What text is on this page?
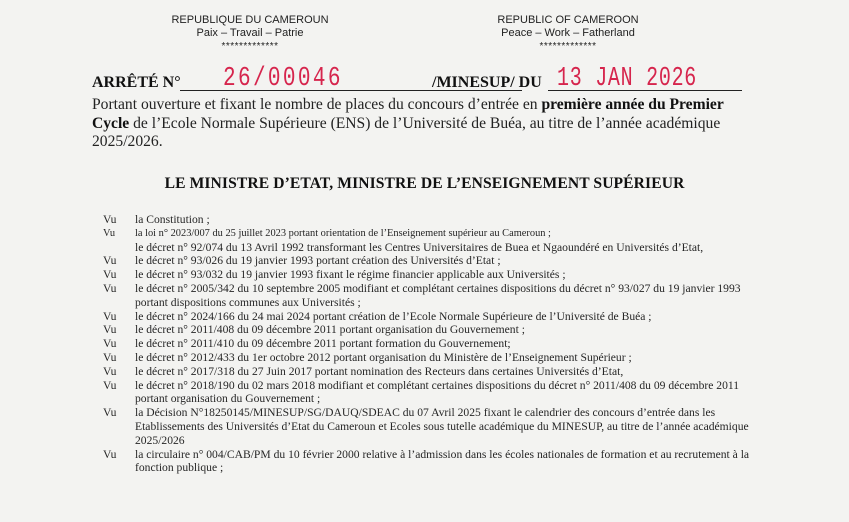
REPUBLIQUE DU CAMEROUN
Paix – Travail – Patrie
*************
REPUBLIC OF CAMEROON
Peace – Work – Fatherland
*************
ARRÊTÉ N° 26/00046	/MINESUP/ DU 13 JAN 2026
Portant ouverture et fixant le nombre de places du concours d’entrée en première année du Premier Cycle de l’Ecole Normale Supérieure (ENS) de l’Université de Buéa, au titre de l’année académique 2025/2026.
LE MINISTRE D’ETAT, MINISTRE DE L’ENSEIGNEMENT SUPÉRIEUR
Vu la Constitution ;
Vu la loi n° 2023/007 du 25 juillet 2023 portant orientation de l’Enseignement supérieur au Cameroun ;
le décret n° 92/074 du 13 Avril 1992 transformant les Centres Universitaires de Buea et Ngaoundéré en Universités d’Etat,
Vu le décret n° 93/026 du 19 janvier 1993 portant création des Universités d’Etat ;
Vu le décret n° 93/032 du 19 janvier 1993 fixant le régime financier applicable aux Universités ;
Vu le décret n° 2005/342 du 10 septembre 2005 modifiant et complétant certaines dispositions du décret n° 93/027 du 19 janvier 1993 portant dispositions communes aux Universités ;
Vu le décret n° 2024/166 du 24 mai 2024 portant création de l’Ecole Normale Supérieure de l’Université de Buéa ;
Vu le décret n° 2011/408 du 09 décembre 2011 portant organisation du Gouvernement ;
Vu le décret n° 2011/410 du 09 décembre 2011 portant formation du Gouvernement;
Vu le décret n° 2012/433 du 1er octobre 2012 portant organisation du Ministère de l’Enseignement Supérieur ;
Vu le décret n° 2017/318 du 27 Juin 2017 portant nomination des Recteurs dans certaines Universités d’Etat,
Vu le décret n° 2018/190 du 02 mars 2018 modifiant et complétant certaines dispositions du décret n° 2011/408 du 09 décembre 2011 portant organisation du Gouvernement ;
Vu la Décision N°18250145/MINESUP/SG/DAUQ/SDEAC du 07 Avril 2025 fixant le calendrier des concours d’entrée dans les Etablissements des Universités d’Etat du Cameroun et Ecoles sous tutelle académique du MINESUP, au titre de l’année académique 2025/2026
Vu la circulaire n° 004/CAB/PM du 10 février 2000 relative à l’admission dans les écoles nationales de formation et au recrutement à la fonction publique ;
